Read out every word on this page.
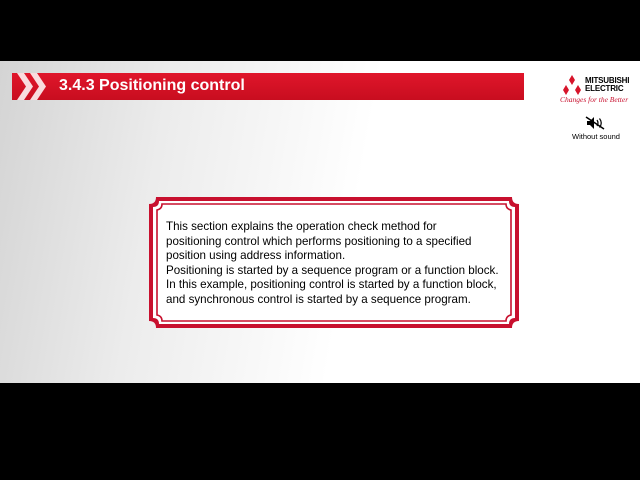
3.4.3 Positioning control	MITSUBISHI
ELECTRIC
Changes for the Better
Without sound
This section explains the operation check method for
positioning control which performs positioning to a specified
position using address information.
Positioning is started by a sequence program or a function block.
In this example, positioning control is started by a function block,
and synchronous control is started by a sequence program.
